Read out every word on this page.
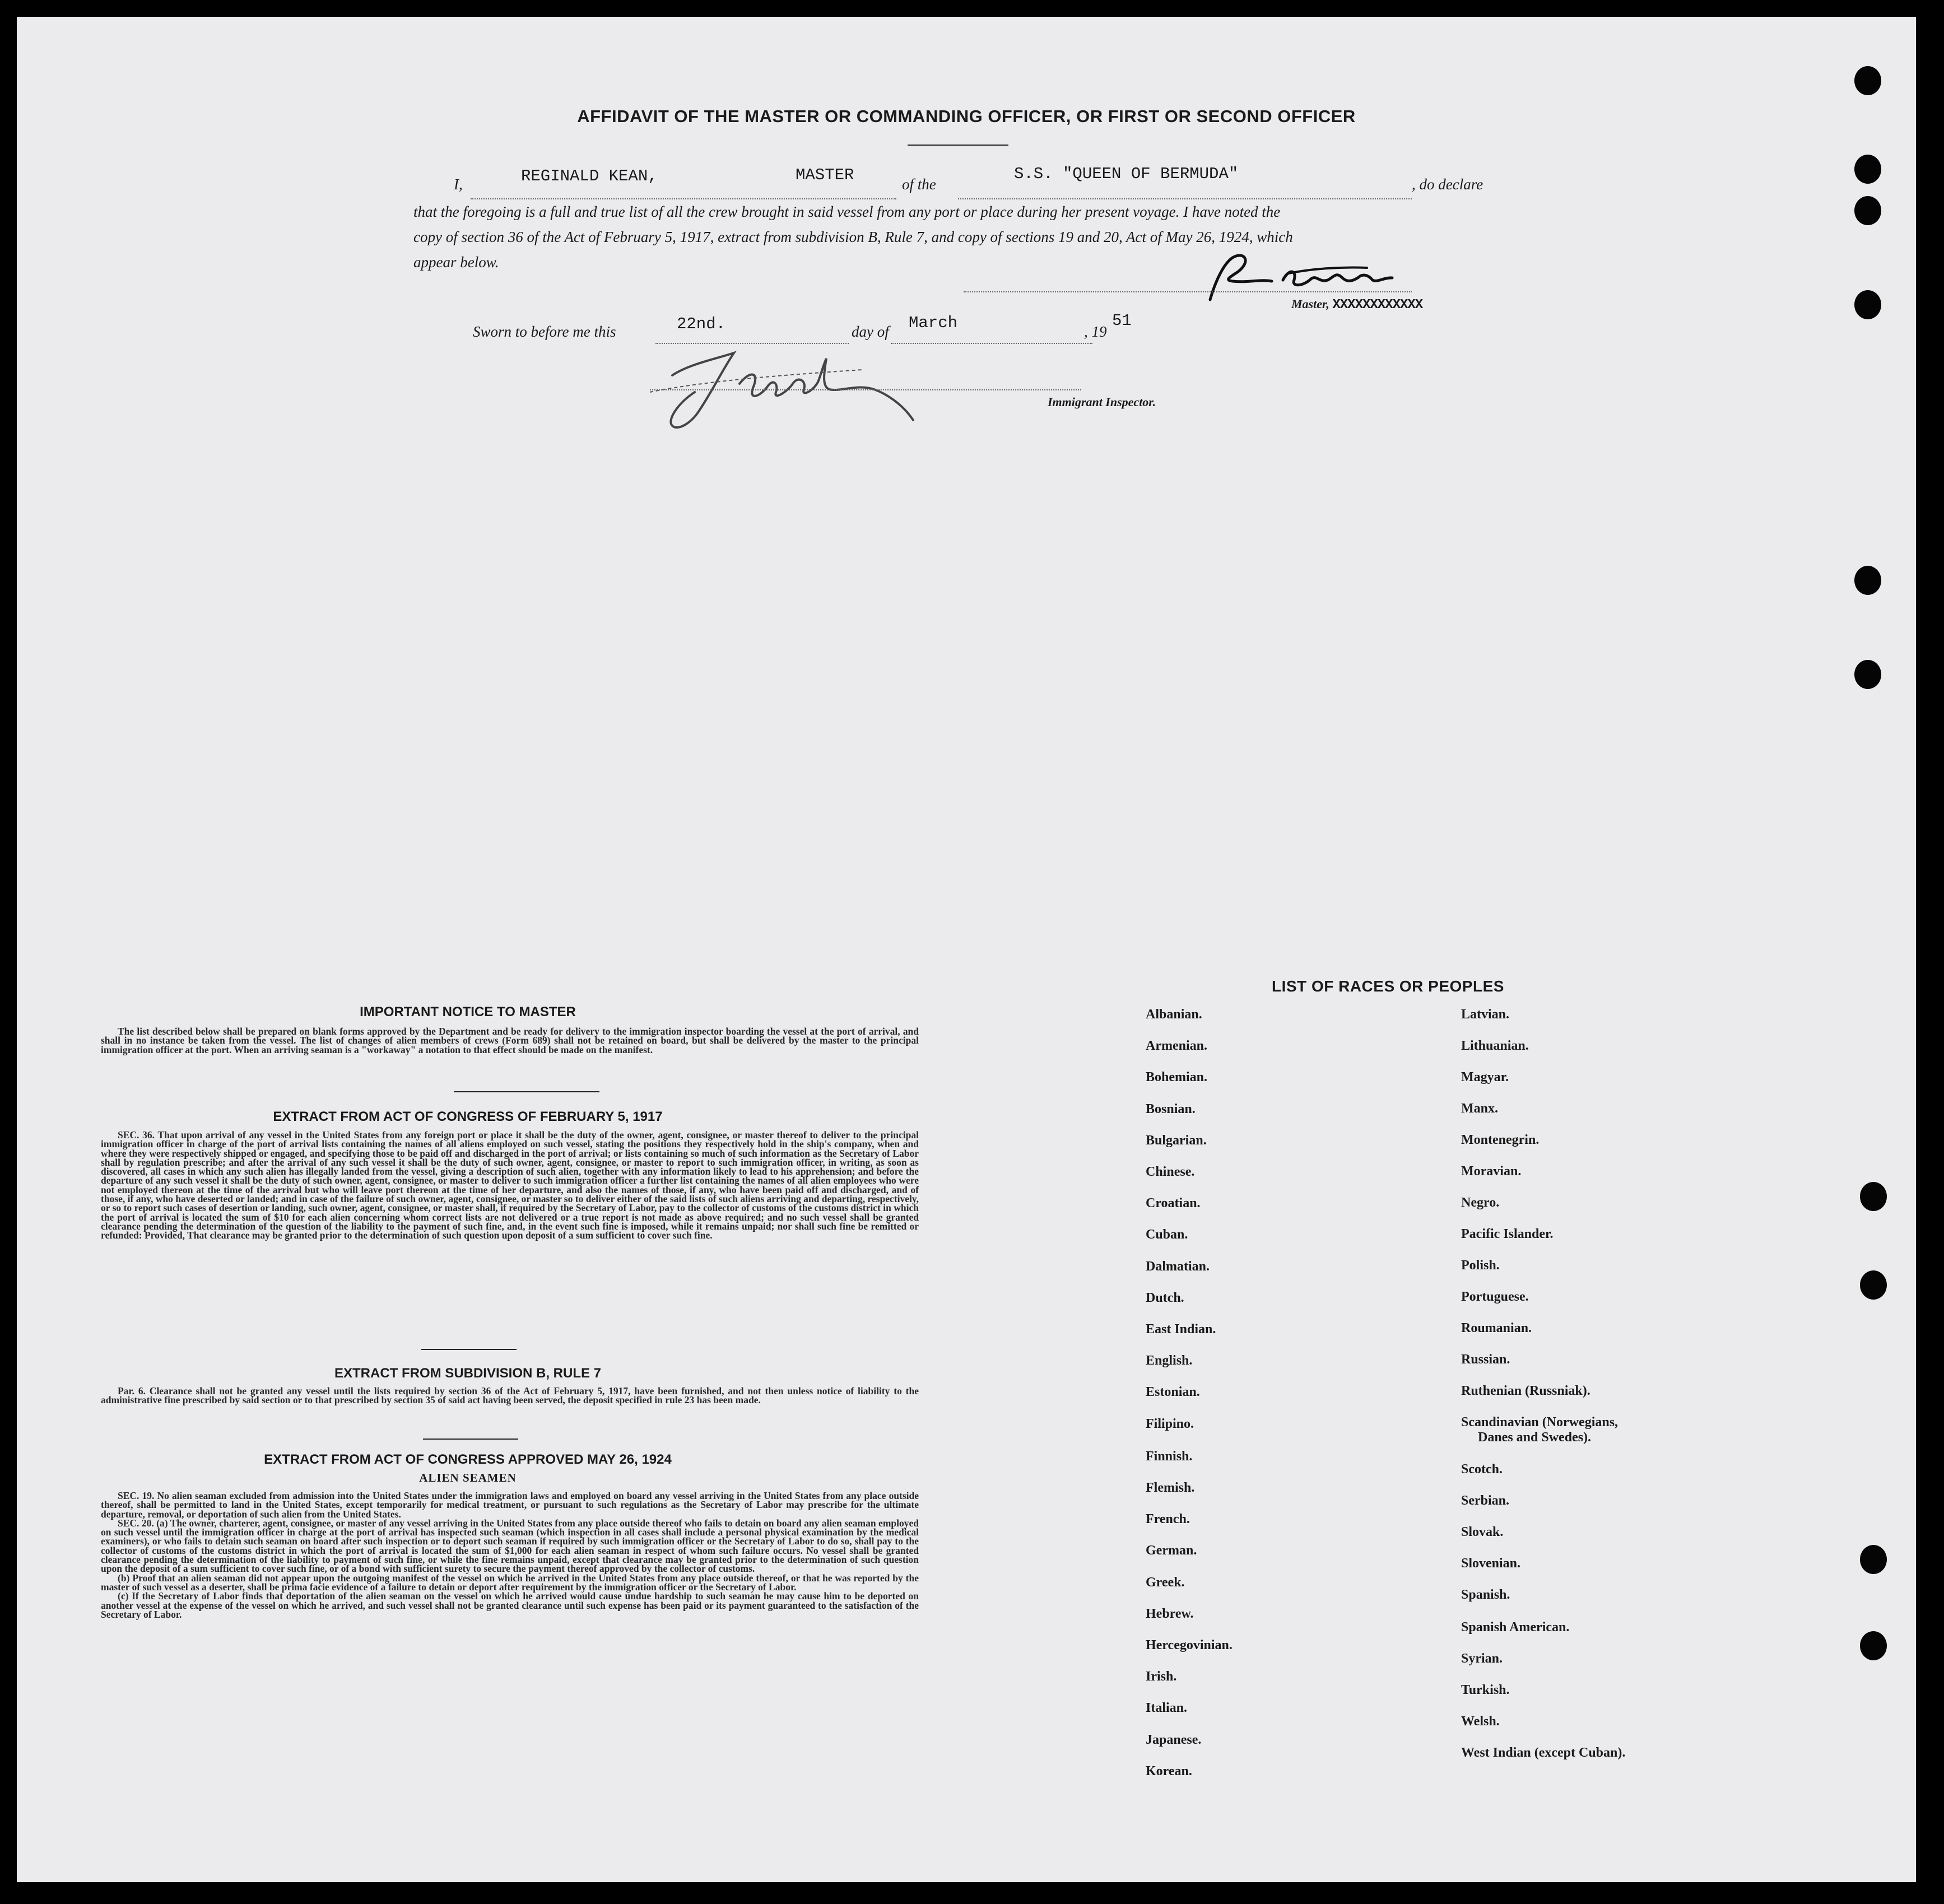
AFFIDAVIT OF THE MASTER OR COMMANDING OFFICER, OR FIRST OR SECOND OFFICER
I,	REGINALD KEAN,	MASTER	of the
S.S. "QUEEN OF BERMUDA"
, do declare
that the foregoing is a full and true list of all the crew brought in said vessel from any port or place during her present voyage. I have noted the
copy of section 36 of the Act of February 5, 1917, extract from subdivision B, Rule 7, and copy of sections 19 and 20, Act of May 26, 1924, which
appear below.
Master, XXXXXXXXXXXX
Sworn to before me this	22nd.	day of March	, 19
51
Immigrant Inspector.
IMPORTANT NOTICE TO MASTER
The list described below shall be prepared on blank forms approved by the Department and be ready for delivery to the immigration inspector boarding the vessel at the port of arrival, and shall in no instance be taken from the vessel. The list of changes of alien members of crews (Form 689) shall not be retained on board, but shall be delivered by the master to the principal immigration officer at the port. When an arriving seaman is a "workaway" a notation to that effect should be made on the manifest.
EXTRACT FROM ACT OF CONGRESS OF FEBRUARY 5, 1917
SEC. 36. That upon arrival of any vessel in the United States from any foreign port or place it shall be the duty of the owner, agent, consignee, or master thereof to deliver to the principal immigration officer in charge of the port of arrival lists containing the names of all aliens employed on such vessel, stating the positions they respectively hold in the ship's company, when and where they were respectively shipped or engaged, and specifying those to be paid off and discharged in the port of arrival; or lists containing so much of such information as the Secretary of Labor shall by regulation prescribe; and after the arrival of any such vessel it shall be the duty of such owner, agent, consignee, or master to report to such immigration officer, in writing, as soon as discovered, all cases in which any such alien has illegally landed from the vessel, giving a description of such alien, together with any information likely to lead to his apprehension; and before the departure of any such vessel it shall be the duty of such owner, agent, consignee, or master to deliver to such immigration officer a further list containing the names of all alien employees who were not employed thereon at the time of the arrival but who will leave port thereon at the time of her departure, and also the names of those, if any, who have been paid off and discharged, and of those, if any, who have deserted or landed; and in case of the failure of such owner, agent, consignee, or master so to deliver either of the said lists of such aliens arriving and departing, respectively, or so to report such cases of desertion or landing, such owner, agent, consignee, or master shall, if required by the Secretary of Labor, pay to the collector of customs of the customs district in which the port of arrival is located the sum of $10 for each alien concerning whom correct lists are not delivered or a true report is not made as above required; and no such vessel shall be granted clearance pending the determination of the question of the liability to the payment of such fine, and, in the event such fine is imposed, while it remains unpaid; nor shall such fine be remitted or refunded: Provided, That clearance may be granted prior to the determination of such question upon deposit of a sum sufficient to cover such fine.
EXTRACT FROM SUBDIVISION B, RULE 7
Par. 6. Clearance shall not be granted any vessel until the lists required by section 36 of the Act of February 5, 1917, have been furnished, and not then unless notice of liability to the administrative fine prescribed by said section or to that prescribed by section 35 of said act having been served, the deposit specified in rule 23 has been made.
EXTRACT FROM ACT OF CONGRESS APPROVED MAY 26, 1924
ALIEN SEAMEN

SEC. 19. No alien seaman excluded from admission into the United States under the immigration laws and employed on board any vessel arriving in the United States from any place outside thereof, shall be permitted to land in the United States, except temporarily for medical treatment, or pursuant to such regulations as the Secretary of Labor may prescribe for the ultimate departure, removal, or deportation of such alien from the United States.

SEC. 20. (a) The owner, charterer, agent, consignee, or master of any vessel arriving in the United States from any place outside thereof who fails to detain on board any alien seaman employed on such vessel until the immigration officer in charge at the port of arrival has inspected such seaman (which inspection in all cases shall include a personal physical examination by the medical examiners), or who fails to detain such seaman on board after such inspection or to deport such seaman if required by such immigration officer or the Secretary of Labor to do so, shall pay to the collector of customs of the customs district in which the port of arrival is located the sum of $1,000 for each alien seaman in respect of whom such failure occurs. No vessel shall be granted clearance pending the determination of the liability to payment of such fine, or while the fine remains unpaid, except that clearance may be granted prior to the determination of such question upon the deposit of a sum sufficient to cover such fine, or of a bond with sufficient surety to secure the payment thereof approved by the collector of customs.

(b) Proof that an alien seaman did not appear upon the outgoing manifest of the vessel on which he arrived in the United States from any place outside thereof, or that he was reported by the master of such vessel as a deserter, shall be prima facie evidence of a failure to detain or deport after requirement by the immigration officer or the Secretary of Labor.

(c) If the Secretary of Labor finds that deportation of the alien seaman on the vessel on which he arrived would cause undue hardship to such seaman he may cause him to be deported on another vessel at the expense of the vessel on which he arrived, and such vessel shall not be granted clearance until such expense has been paid or its payment guaranteed to the satisfaction of the Secretary of Labor.

LIST OF RACES OR PEOPLES
Albanian.
Armenian.
Bohemian.
Bosnian.
Bulgarian.
Chinese.
Croatian.
Cuban.
Dalmatian.
Dutch.
East Indian.
English.
Estonian.
Filipino.
Finnish.
Flemish.
French.
German.
Greek.
Hebrew.
Hercegovinian.
Irish.
Italian.
Japanese.
Korean.
Latvian.
Lithuanian.
Magyar.
Manx.
Montenegrin.
Moravian.
Negro.
Pacific Islander.
Polish.
Portuguese.
Roumanian.
Russian.
Ruthenian (Russniak).
Scandinavian (Norwegians,
Danes and Swedes).
Scotch.
Serbian.
Slovak.
Slovenian.
Spanish.
Spanish American.
Syrian.
Turkish.
Welsh.
West Indian (except Cuban).
